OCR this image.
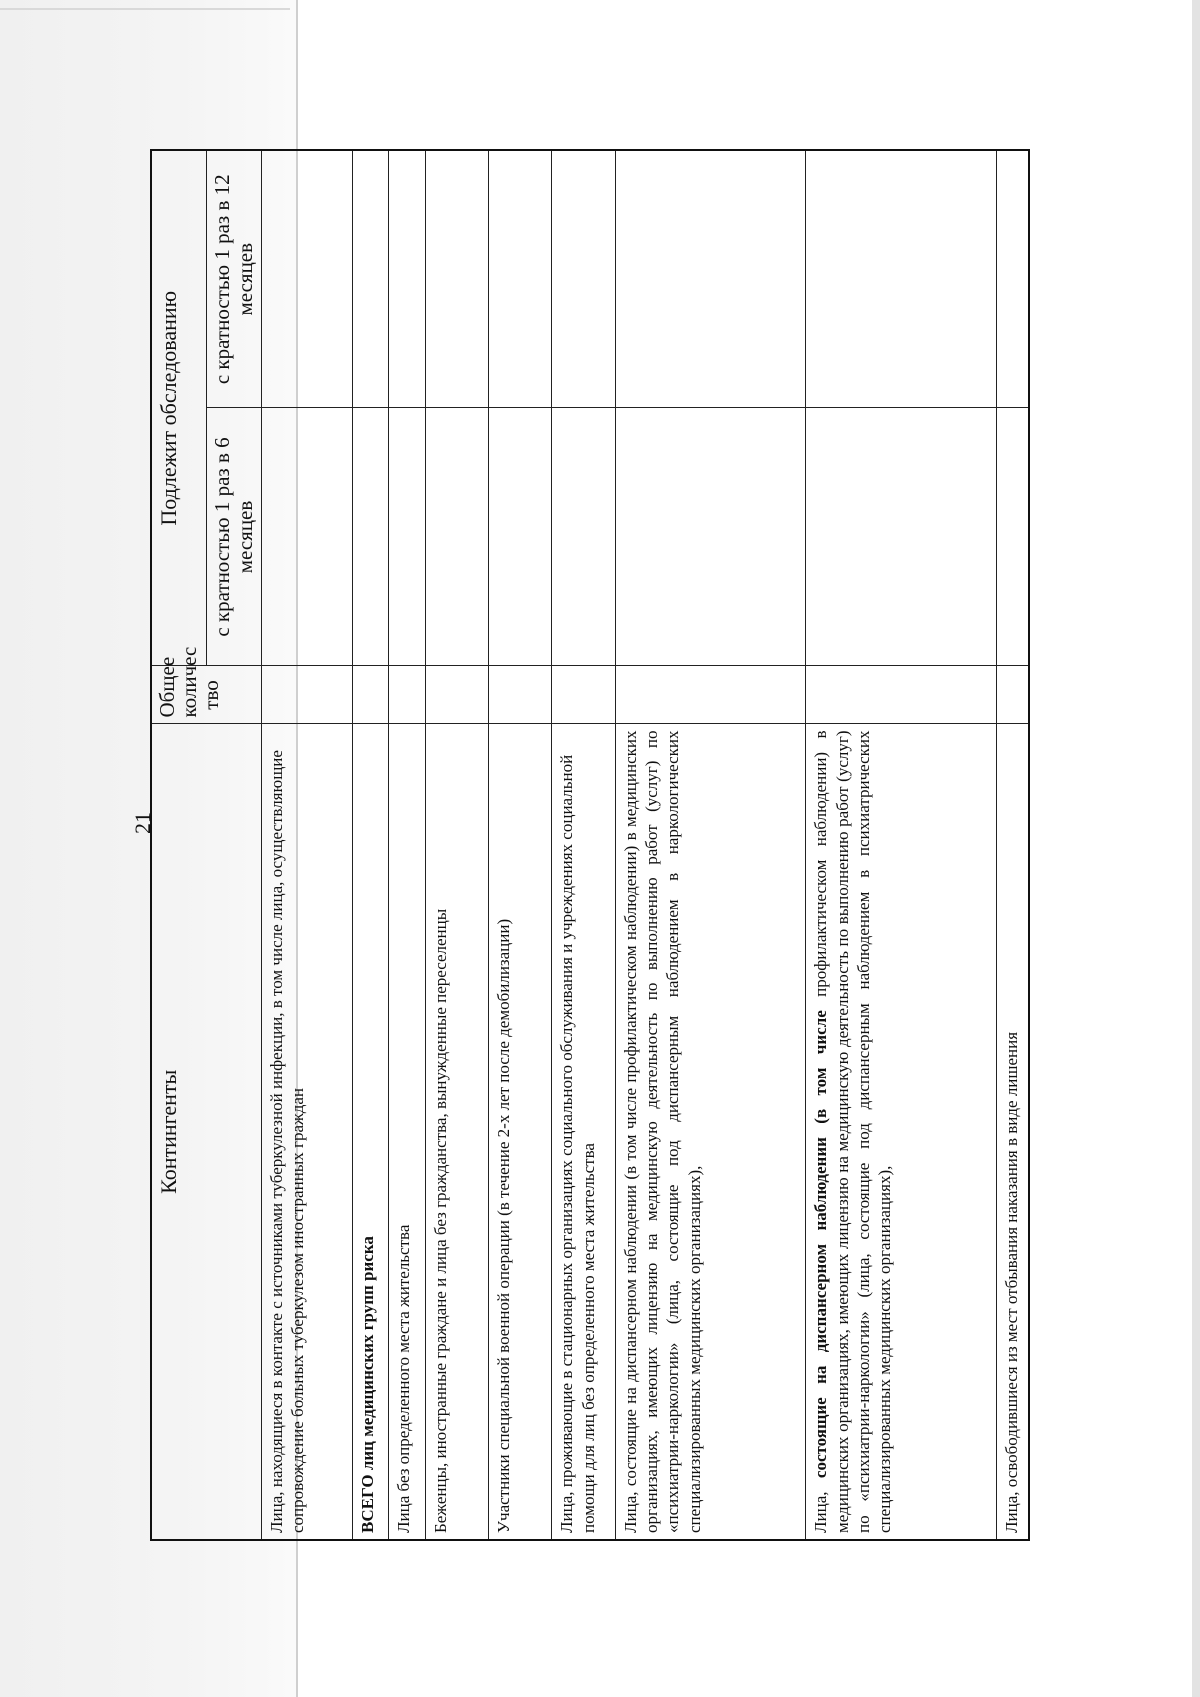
21
Контингенты	Общее количес тво	Подлежит обследованию	
		с кратностью 1 раз в 6 месяцев	с кратностью 1 раз в 12 месяцев
Лица, находящиеся в контакте с источниками туберкулезной инфекции, в том числе лица, осуществляющие сопровождение больных туберкулезом иностранных граждан			
ВСЕГО лиц медицинских групп риска			
Лица без определенного места жительства			
Беженцы, иностранные граждане и лица без гражданства, вынужденные переселенцы			
Участники специальной военной операции (в течение 2-х лет после демобилизации)			
Лица, проживающие в стационарных организациях социального обслуживания и учреждениях социальной помощи для лиц без определенного места жительства			
Лица, состоящие на диспансерном наблюдении (в том числе профилактическом наблюдении) в медицинских организациях, имеющих лицензию на медицинскую деятельность по выполнению работ (услуг) по «психиатрии-наркологии» (лица, состоящие под диспансерным наблюдением в наркологических специализированных медицинских организациях),			
Лица, состоящие на диспансерном наблюдении (в том числе профилактическом наблюдении) в медицинских организациях, имеющих лицензию на медицинскую деятельность по выполнению работ (услуг) по «психиатрии-наркологии» (лица, состоящие под диспансерным наблюдением в психиатрических специализированных медицинских организациях),			
Лица, освободившиеся из мест отбывания наказания в виде лишения			
